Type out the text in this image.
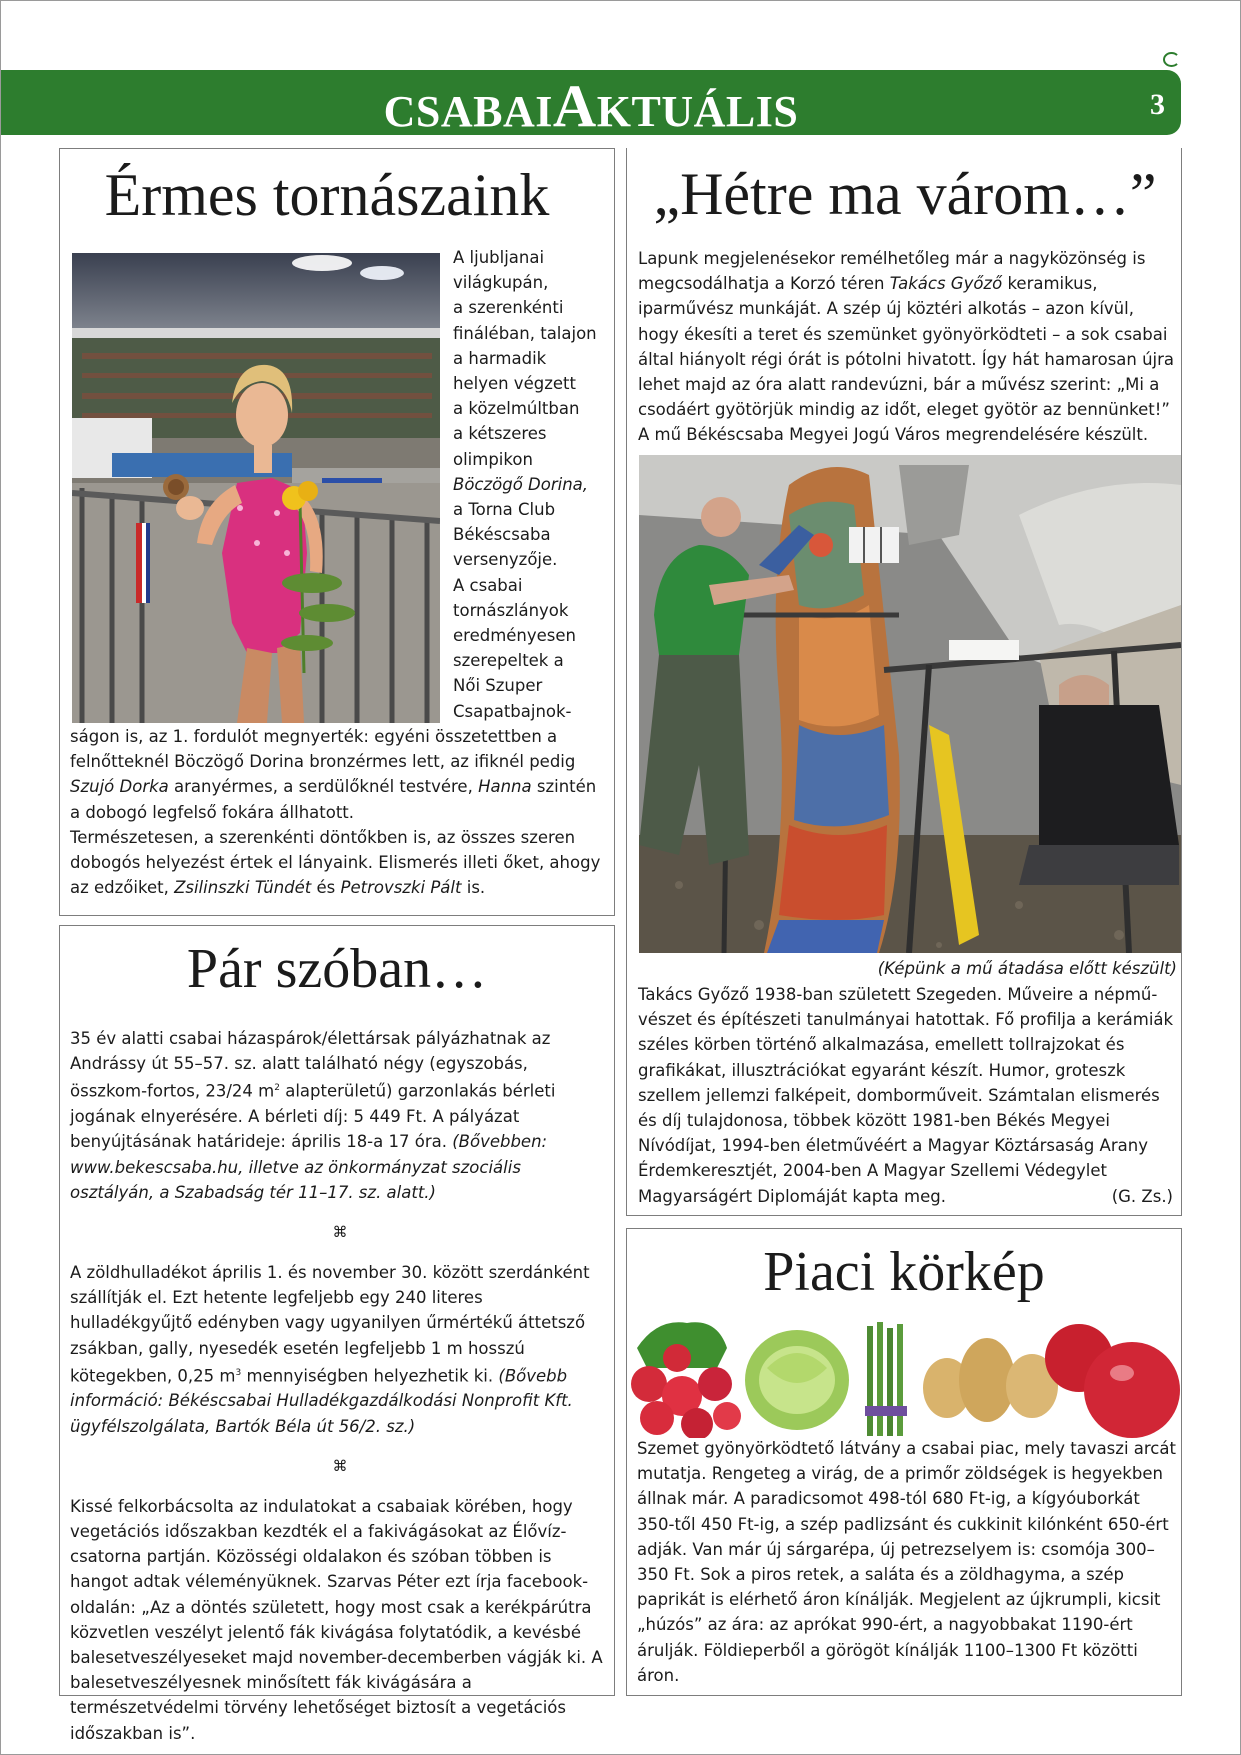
CSABAIAKTUÁLIS	3
Érmes tornászaink

A ljubljanai

világkupán,

a szerenkénti

fináléban, talajon

a harmadik

helyen végzett

a közelmúltban

a kétszeres

olimpikon

Böczögő Dorina,

a Torna Club

Békéscsaba

versenyzője.

A csabai

tornászlányok

eredményesen

szerepeltek a

Női Szuper

Csapatbajnok-

ságon is, az 1. fordulót megnyerték: egyéni összetettben a felnőtteknél Böczögő Dorina bronzérmes lett, az ifiknél pedig Szujó Dorka aranyérmes, a serdülőknél testvére, Hanna szintén a dobogó legfelső fokára állhatott.

Természetesen, a szerenkénti döntőkben is, az összes szeren dobogós helyezést értek el lányaink. Elismerés illeti őket, ahogy az edzőiket, Zsilinszki Tündét és Petrovszki Pált is.

Pár szóban…

35 év alatti csabai házaspárok/élettársak pályázhatnak az Andrássy út 55–57. sz. alatt található négy (egyszobás, összkom-fortos, 23/24 $m^2$ alapterületű) garzonlakás bérleti jogának elnyerésére. A bérleti díj: 5 449 Ft. A pályázat benyújtásának határideje: április 18-a 17 óra. (Bővebben: www.bekescsaba.hu, illetve az önkormányzat szociális osztályán, a Szabadság tér 11–17. sz. alatt.)

⌘

A zöldhulladékot április 1. és november 30. között szerdánként szállítják el. Ezt hetente legfeljebb egy 240 literes hulladékgyűjtő edényben vagy ugyanilyen űrmértékű áttetsző zsákban, gally, nyesedék esetén legfeljebb 1 m hosszú kötegekben, 0,25 $m^3$ mennyiségben helyezhetik ki. (Bővebb információ: Békéscsabai Hulladékgazdálkodási Nonprofit Kft. ügyfélszolgálata, Bartók Béla út 56/2. sz.)

⌘

Kissé felkorbácsolta az indulatokat a csabaiak körében, hogy vegetációs időszakban kezdték el a fakivágásokat az Élővíz-csatorna partján. Közösségi oldalakon és szóban többen is hangot adtak véleményüknek. Szarvas Péter ezt írja facebook-oldalán: „Az a döntés született, hogy most csak a kerékpárútra közvetlen veszélyt jelentő fák kivágása folytatódik, a kevésbé balesetveszélyeseket majd november-decemberben vágják ki. A balesetveszélyesnek minősített fák kivágására a természetvédelmi törvény lehetőséget biztosít a vegetációs időszakban is”.

„Hétre ma várom…”

Lapunk megjelenésekor remélhetőleg már a nagyközönség is megcsodálhatja a Korzó téren Takács Győző keramikus, iparművész munkáját. A szép új köztéri alkotás – azon kívül, hogy ékesíti a teret és szemünket gyönyörködteti – a sok csabai által hiányolt régi órát is pótolni hivatott. Így hát hamarosan újra lehet majd az óra alatt randevúzni, bár a művész szerint: „Mi a csodáért gyötörjük mindig az időt, eleget gyötör az bennünket!” A mű Békéscsaba Megyei Jogú Város megrendelésére készült.

(Képünk a mű átadása előtt készült)

Takács Győző 1938-ban született Szegeden. Műveire a népmű-vészet és építészeti tanulmányai hatottak. Fő profilja a kerámiák széles körben történő alkalmazása, emellett tollrajzokat és grafikákat, illusztrációkat egyaránt készít. Humor, groteszk szellem jellemzi falképeit, domborműveit. Számtalan elismerés és díj tulajdonosa, többek között 1981-ben Békés Megyei Nívódíjat, 1994-ben életművéért a Magyar Köztársaság Arany Érdemkeresztjét, 2004-ben A Magyar Szellemi Védegylet Magyarságért Diplomáját kapta meg.	(G. Zs.)
Piaci körkép

Szemet gyönyörködtető látvány a csabai piac, mely tavaszi arcát mutatja. Rengeteg a virág, de a primőr zöldségek is hegyekben állnak már. A paradicsomot 498-tól 680 Ft-ig, a kígyóuborkát 350-től 450 Ft-ig, a szép padlizsánt és cukkinit kilónként 650-ért adják. Van már új sárgarépa, új petrezselyem is: csomója 300–350 Ft. Sok a piros retek, a saláta és a zöldhagyma, a szép paprikát is elérhető áron kínálják. Megjelent az újkrumpli, kicsit „húzós” az ára: az aprókat 990-ért, a nagyobbakat 1190-ért árulják. Földieperből a görögöt kínálják 1100–1300 Ft közötti áron.
